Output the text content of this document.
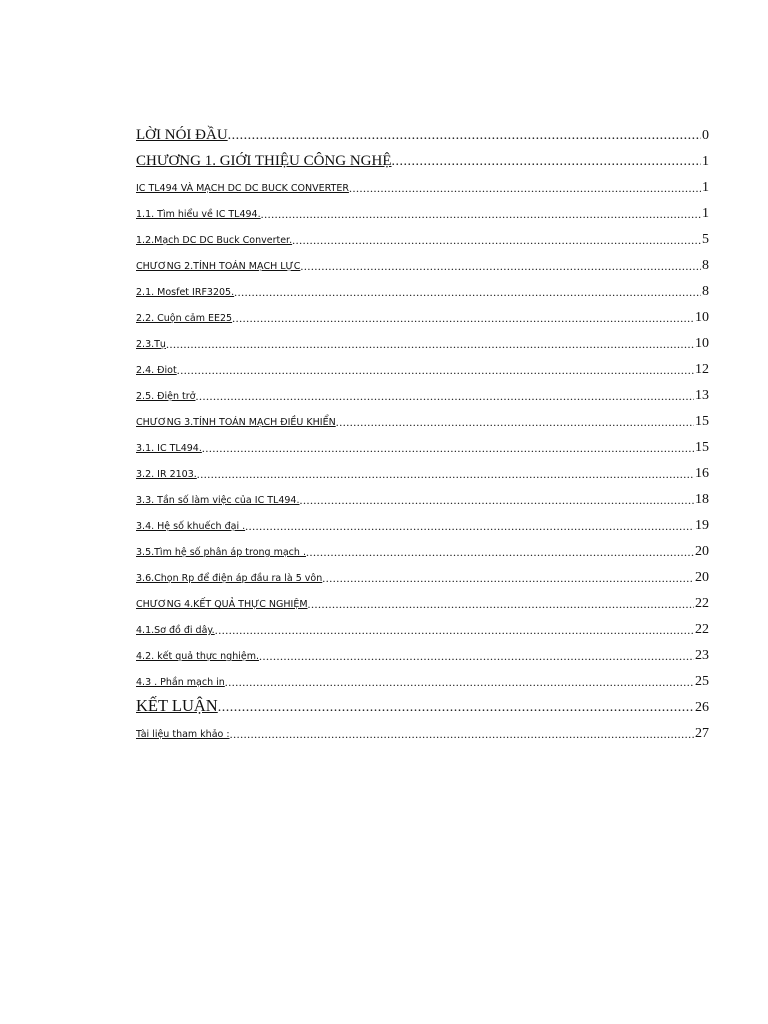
LỜI NÓI ĐẦU .....	0
CHƯƠNG 1. GIỚI THIỆU CÔNG NGHỆ .....	1
IC TL494 VÀ MẠCH DC DC BUCK CONVERTER .....	1
1.1. Tìm hiểu về IC TL494. .....	1
1.2.Mạch DC DC Buck Converter. .....	5
CHƯƠNG 2.TÍNH TOÁN MẠCH LỰC .....	8
2.1. Mosfet IRF3205. .....	8
2.2. Cuộn cảm EE25 .....	10
2.3.Tụ .....	10
2.4. Điot .....	12
2.5. Điện trở .....	13
CHƯƠNG 3.TÍNH TOÁN MẠCH ĐIỀU KHIỂN .....	15
3.1. IC TL494. .....	15
3.2. IR 2103. .....	16
3.3. Tần số làm việc của IC TL494. .....	18
3.4. Hệ số khuếch đại . .....	19
3.5.Tìm hệ số phân áp trong mạch . .....	20
3.6.Chọn Rp để điện áp đầu ra là 5 vôn .....	20
CHƯƠNG 4.KẾT QUẢ THỰC NGHIỆM .....	22
4.1.Sơ đồ đi dây. .....	22
4.2. kết quả thực nghiệm. .....	23
4.3 . Phần mạch in .....	25
KẾT LUẬN .....	26
Tài liệu tham khảo : .....	27
